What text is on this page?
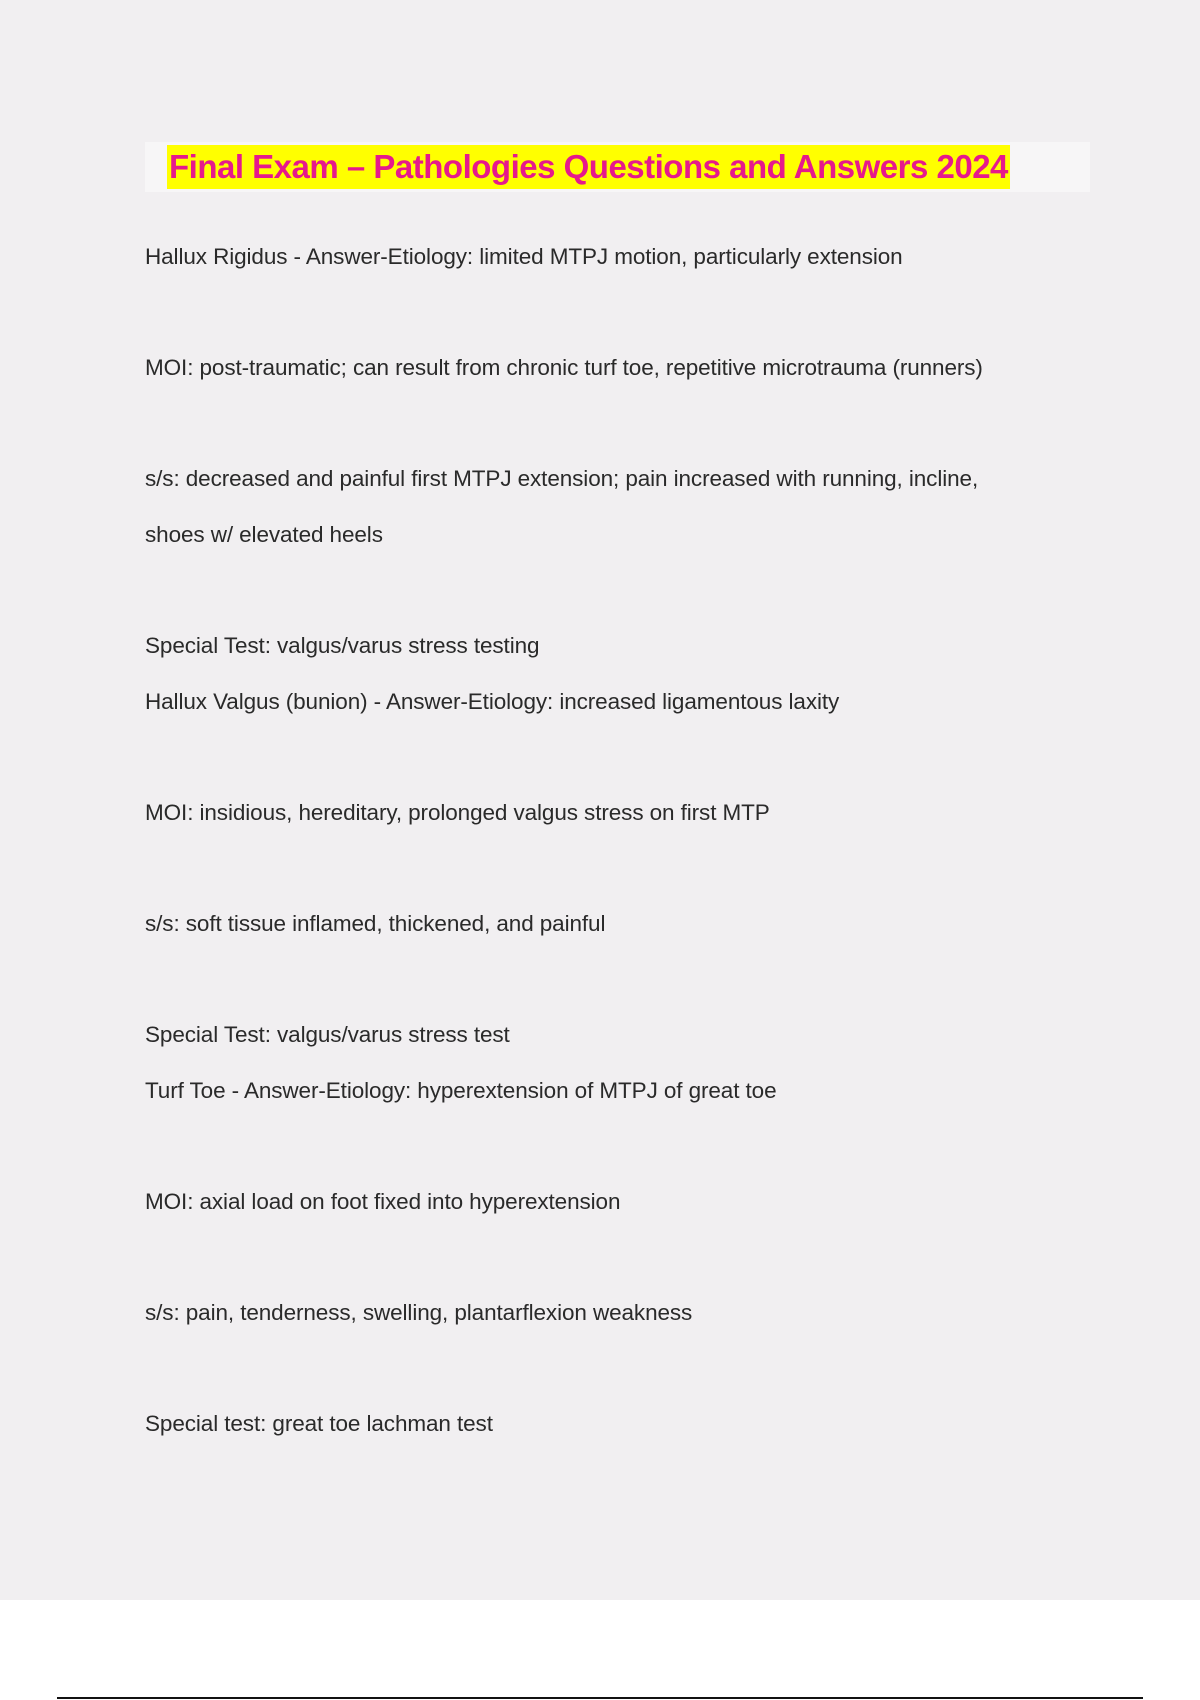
Final Exam – Pathologies Questions and Answers 2024
Hallux Rigidus - Answer-Etiology: limited MTPJ motion, particularly extension
MOI: post-traumatic; can result from chronic turf toe, repetitive microtrauma (runners)
s/s: decreased and painful first MTPJ extension; pain increased with running, incline,
shoes w/ elevated heels
Special Test: valgus/varus stress testing
Hallux Valgus (bunion) - Answer-Etiology: increased ligamentous laxity
MOI: insidious, hereditary, prolonged valgus stress on first MTP
s/s: soft tissue inflamed, thickened, and painful
Special Test: valgus/varus stress test
Turf Toe - Answer-Etiology: hyperextension of MTPJ of great toe
MOI: axial load on foot fixed into hyperextension
s/s: pain, tenderness, swelling, plantarflexion weakness
Special test: great toe lachman test
